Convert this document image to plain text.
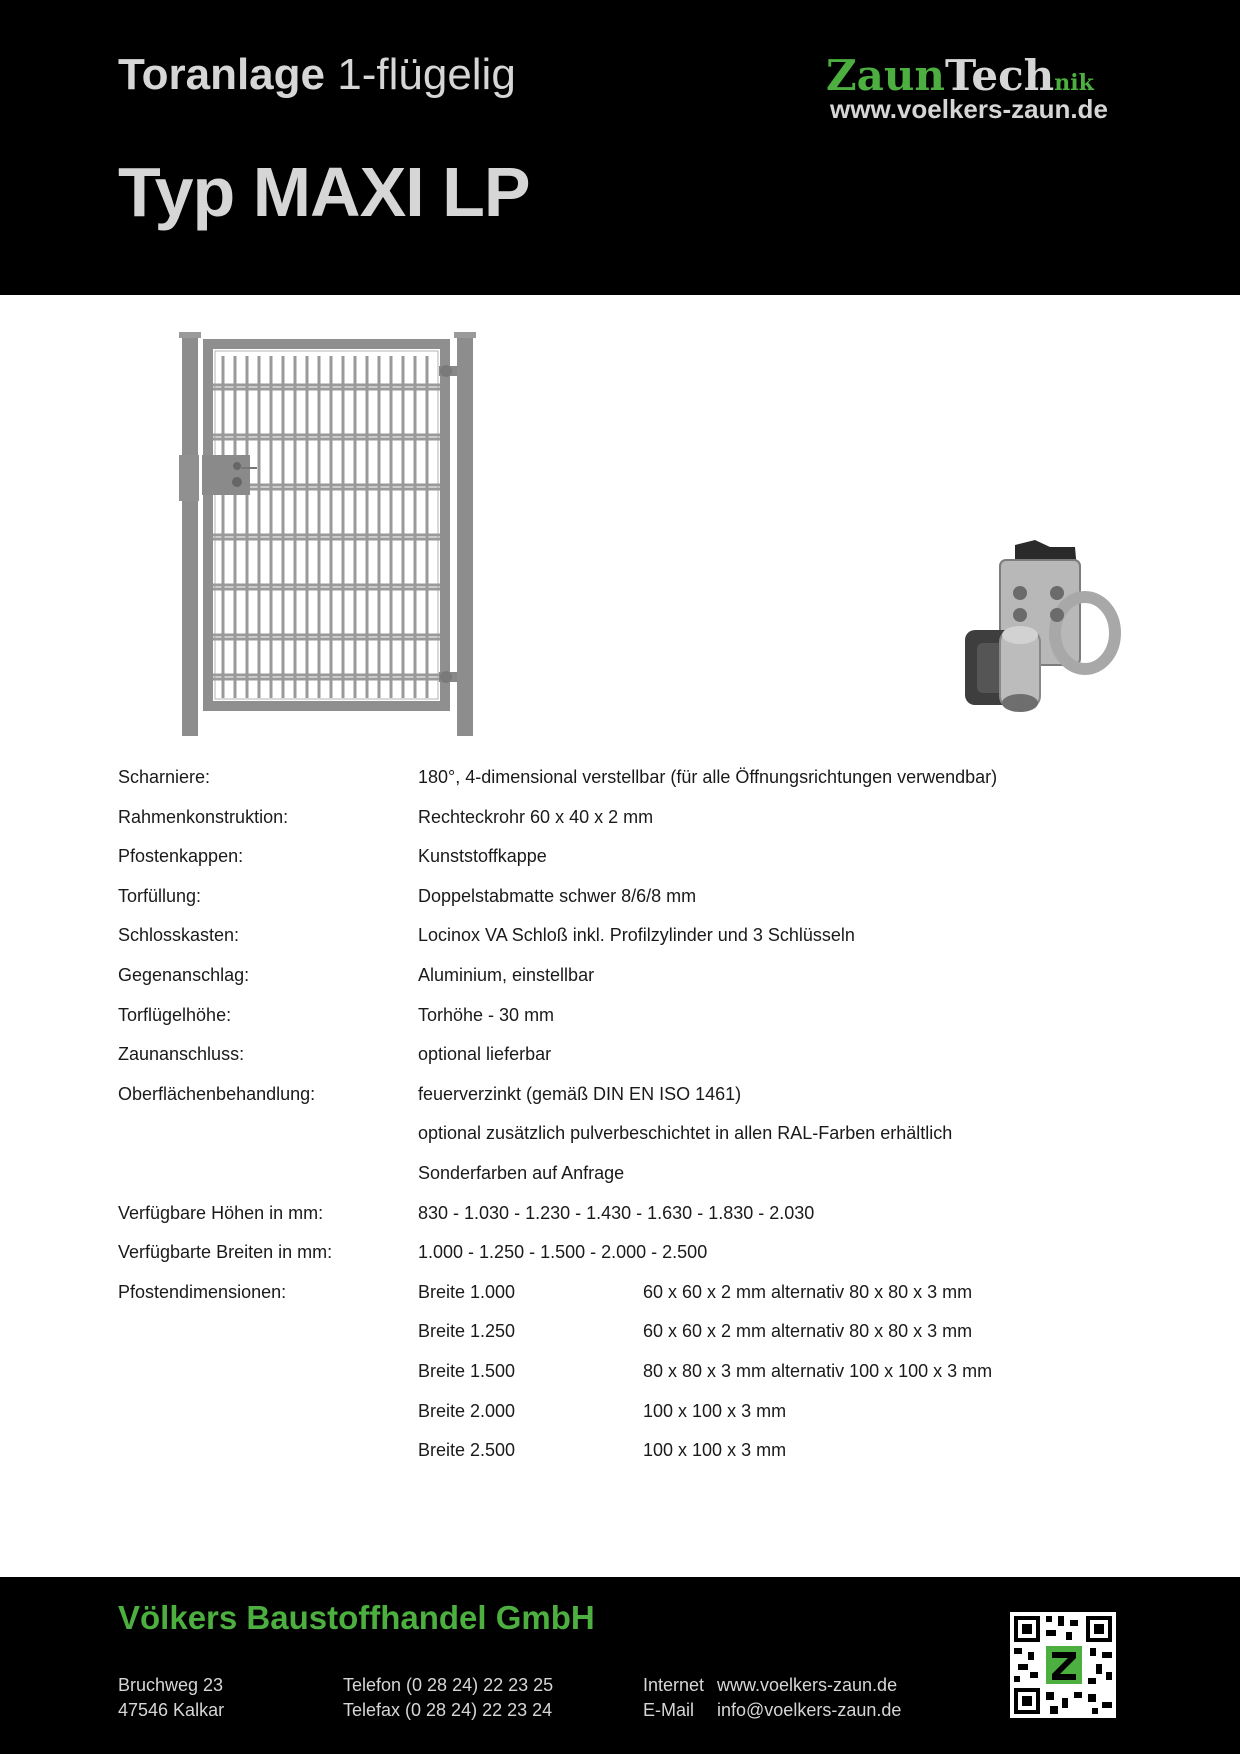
Toranlage 1-flügelig
Typ MAXI LP
ZaunTechnik
www.voelkers-zaun.de
Scharniere:	180°, 4-dimensional verstellbar (für alle Öffnungsrichtungen verwendbar)
Rahmenkonstruktion:	Rechteckrohr 60 x 40 x 2 mm
Pfostenkappen:	Kunststoffkappe
Torfüllung:	Doppelstabmatte schwer 8/6/8 mm
Schlosskasten:	Locinox VA Schloß inkl. Profilzylinder und 3 Schlüsseln
Gegenanschlag:	Aluminium, einstellbar
Torflügelhöhe:	Torhöhe - 30 mm
Zaunanschluss:	optional lieferbar
Oberflächenbehandlung:	feuerverzinkt (gemäß DIN EN ISO 1461)
optional zusätzlich pulverbeschichtet in allen RAL-Farben erhältlich
Sonderfarben auf Anfrage
Verfügbare Höhen in mm:	830 - 1.030 - 1.230 - 1.430 - 1.630 - 1.830 - 2.030
Verfügbarte Breiten in mm:	1.000 - 1.250 - 1.500 - 2.000 - 2.500
Pfostendimensionen:	Breite 1.000	60 x 60 x 2 mm alternativ 80 x 80 x 3 mm
Breite 1.250	60 x 60 x 2 mm alternativ 80 x 80 x 3 mm
Breite 1.500	80 x 80 x 3 mm alternativ 100 x 100 x 3 mm
Breite 2.000	100 x 100 x 3 mm
Breite 2.500	100 x 100 x 3 mm
Völkers Baustoffhandel GmbH
Bruchweg 23
47546 Kalkar
Telefon (0 28 24) 22 23 25
Telefax (0 28 24) 22 23 24
Internet www.voelkers-zaun.de
E-Mail info@voelkers-zaun.de
